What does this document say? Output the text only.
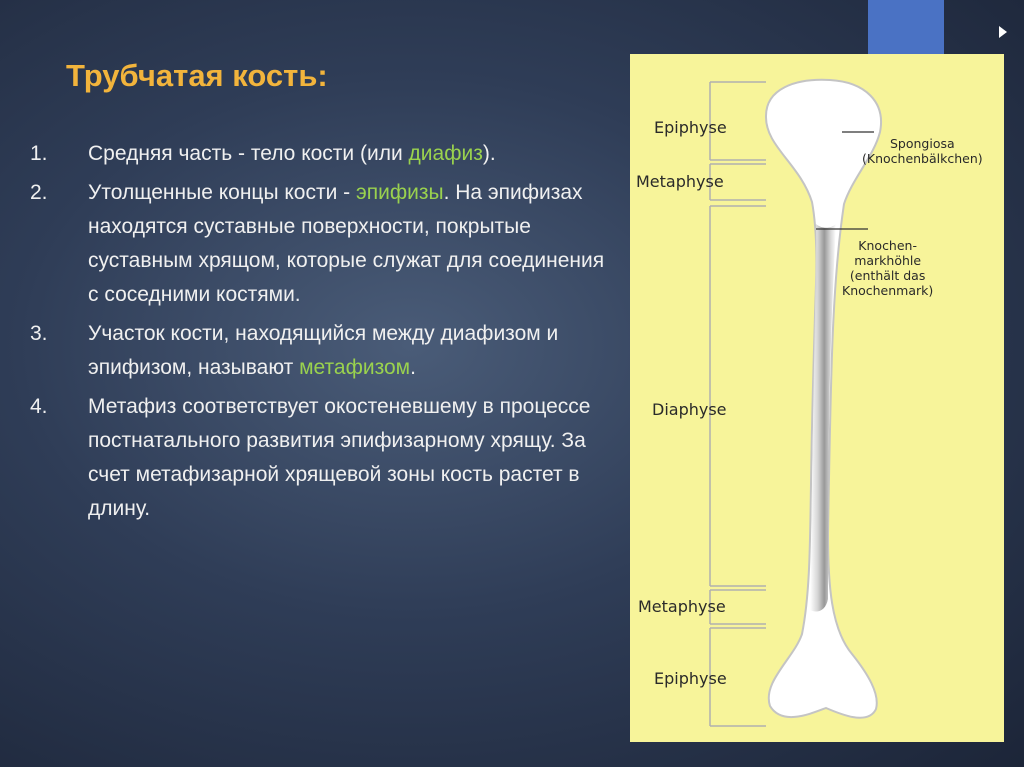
Трубчатая кость:
1. Средняя часть - тело кости (или диафиз).
2. Утолщенные концы кости - эпифизы. На эпифизах находятся суставные поверхности, покрытые суставным хрящом, которые служат для соединения с соседними костями.
3. Участок кости, находящийся между диафизом и эпифизом, называют метафизом.
4. Метафиз соответствует окостеневшему в процессе постнатального развития эпифизарному хрящу. За счет метафизарной хрящевой зоны кость растет в длину.
Epiphyse
Metaphyse
Diaphyse
Metaphyse
Epiphyse
Spongiosa
(Knochenbälkchen)
Knochen-
markhöhle
(enthält das
Knochenmark)
